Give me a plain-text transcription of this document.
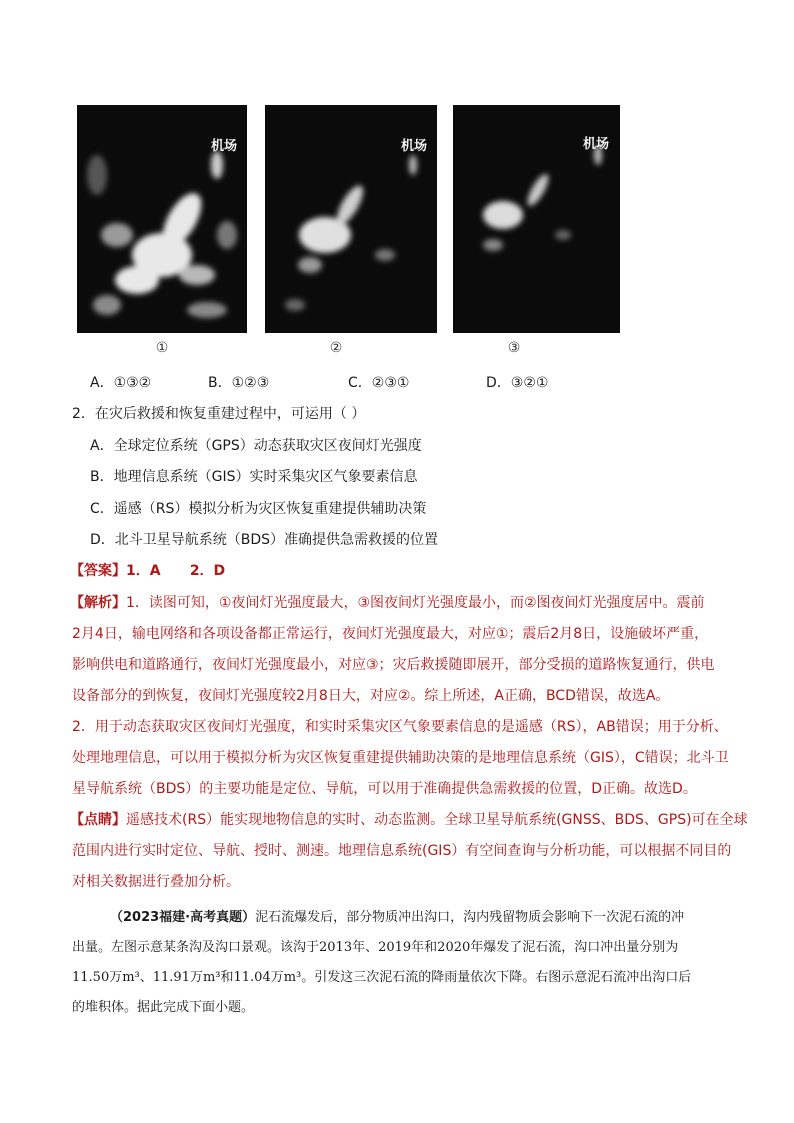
机场	机场	机场
①	②	③
A．①③②	B．①②③	C．②③①	D．③②①
2．在灾后救援和恢复重建过程中，可运用（ ）
A．全球定位系统（GPS）动态获取灾区夜间灯光强度
B．地理信息系统（GIS）实时采集灾区气象要素信息
C．遥感（RS）模拟分析为灾区恢复重建提供辅助决策
D．北斗卫星导航系统（BDS）准确提供急需救援的位置
【答案】1．A      2．D
【解析】1．读图可知，①夜间灯光强度最大，③图夜间灯光强度最小，而②图夜间灯光强度居中。震前
2月4日，输电网络和各项设备都正常运行，夜间灯光强度最大，对应①；震后2月8日，设施破坏严重，
影响供电和道路通行，夜间灯光强度最小，对应③；灾后救援随即展开，部分受损的道路恢复通行，供电
设备部分的到恢复，夜间灯光强度较2月8日大，对应②。综上所述，A正确，BCD错误，故选A。
2．用于动态获取灾区夜间灯光强度，和实时采集灾区气象要素信息的是遥感（RS），AB错误；用于分析、
处理地理信息，可以用于模拟分析为灾区恢复重建提供辅助决策的是地理信息系统（GIS），C错误；北斗卫
星导航系统（BDS）的主要功能是定位、导航，可以用于准确提供急需救援的位置，D正确。故选D。
【点睛】遥感技术(RS）能实现地物信息的实时、动态监测。全球卫星导航系统(GNSS、BDS、GPS)可在全球
范围内进行实时定位、导航、授时、测速。地理信息系统(GIS）有空间查询与分析功能，可以根据不同目的
对相关数据进行叠加分析。
（2023福建·高考真题）泥石流爆发后，部分物质冲出沟口，沟内残留物质会影响下一次泥石流的冲
出量。左图示意某条沟及沟口景观。该沟于2013年、2019年和2020年爆发了泥石流，沟口冲出量分别为
11.50万m³、11.91万m³和11.04万m³。引发这三次泥石流的降雨量依次下降。右图示意泥石流冲出沟口后
的堆积体。据此完成下面小题。
